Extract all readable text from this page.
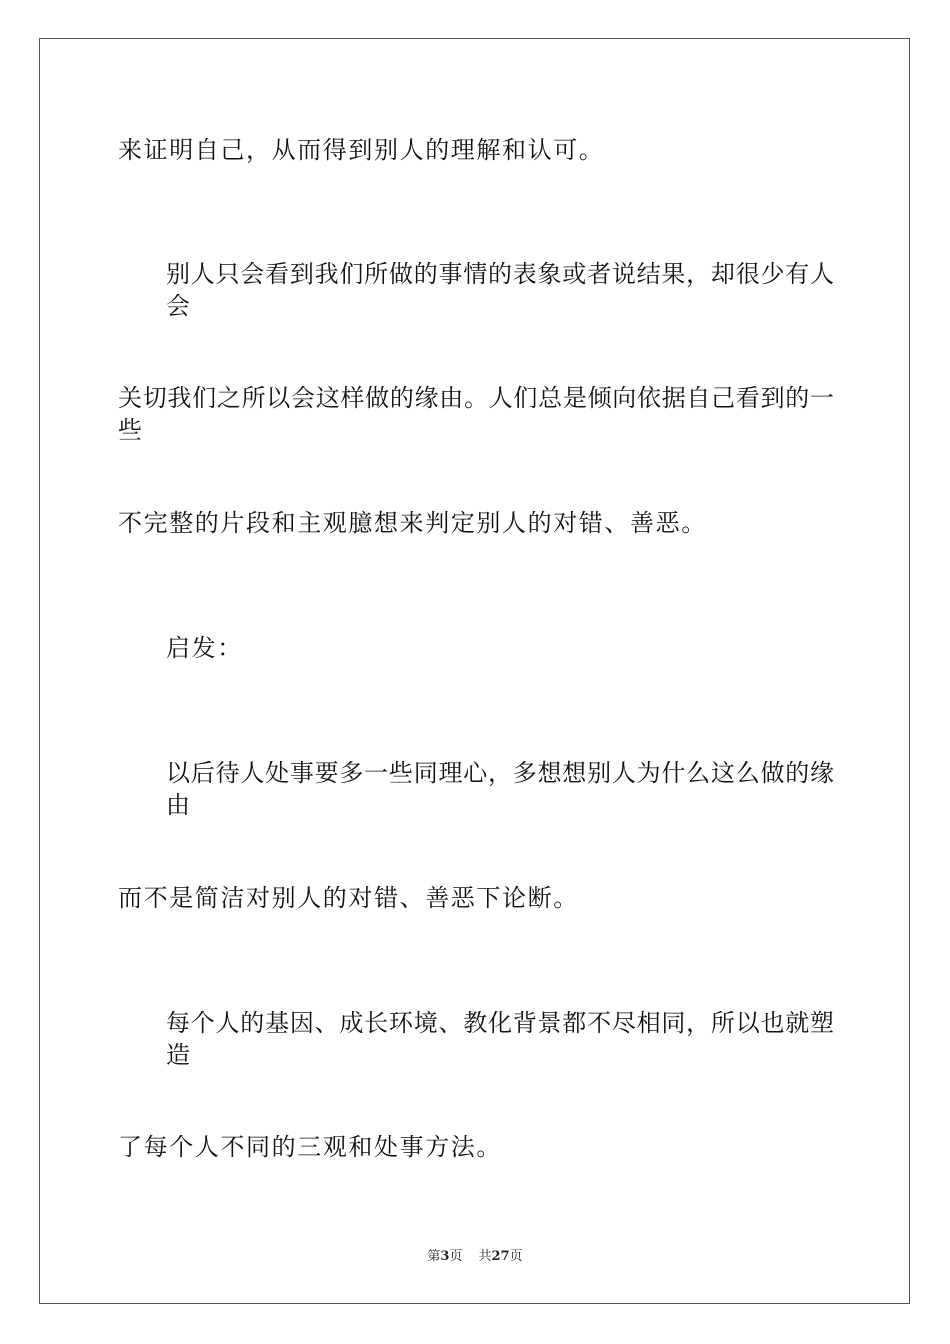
来证明自己，从而得到别人的理解和认可。
别人只会看到我们所做的事情的表象或者说结果，却很少有人会
关切我们之所以会这样做的缘由。人们总是倾向依据自己看到的一些
不完整的片段和主观臆想来判定别人的对错、善恶。
启发：
以后待人处事要多一些同理心，多想想别人为什么这么做的缘由
而不是简洁对别人的对错、善恶下论断。
每个人的基因、成长环境、教化背景都不尽相同，所以也就塑造
了每个人不同的三观和处事方法。
第3页 共27页
